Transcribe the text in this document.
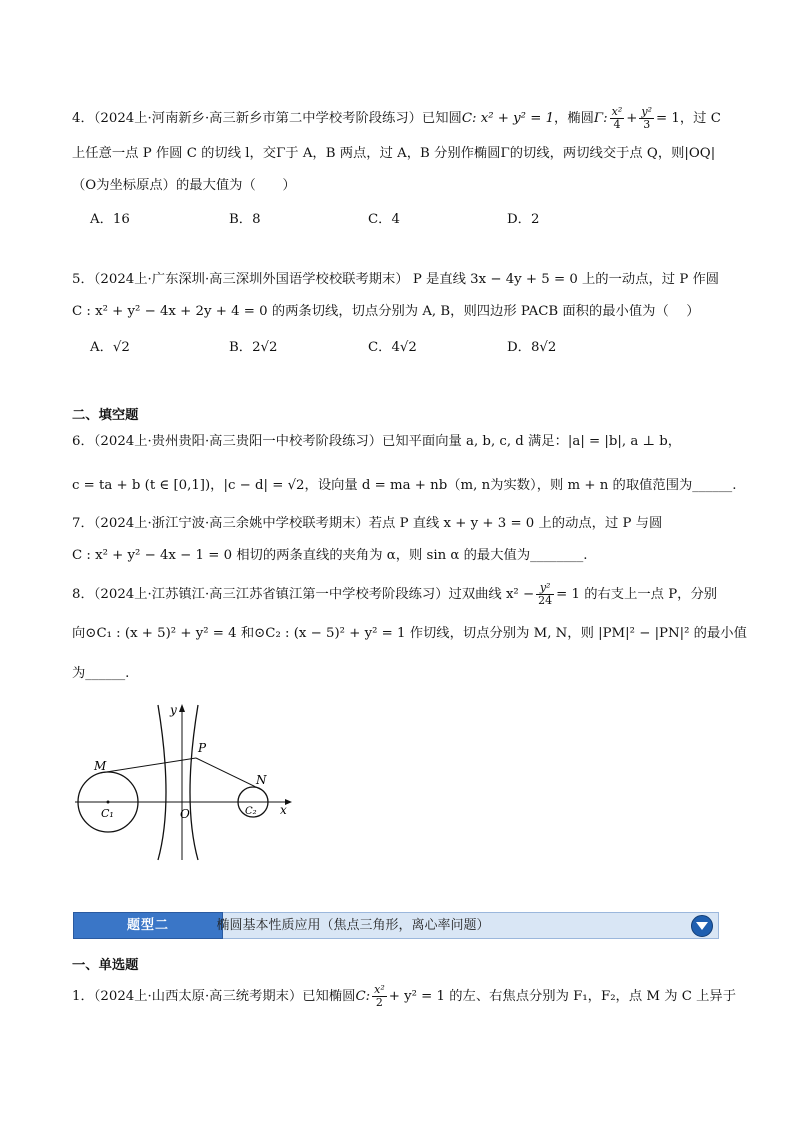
4．（2024上·河南新乡·高三新乡市第二中学校考阶段练习）已知圆C: x² + y² = 1，椭圆Γ: $\frac{\text{x²}}{4} + \frac{\text{y²}}{3} = 1$，过 C
上任意一点 P 作圆 C 的切线 l，交Γ于 A，B 两点，过 A，B 分别作椭圆Γ的切线，两切线交于点 Q，则|OQ|
（O为坐标原点）的最大值为（　　）
A．16	B．8	C．4	D．2
5．（2024上·广东深圳·高三深圳外国语学校校联考期末） P 是直线 3x − 4y + 5 = 0 上的一动点，过 P 作圆
C : x² + y² − 4x + 2y + 4 = 0 的两条切线，切点分别为 A, B，则四边形 PACB 面积的最小值为（　 ）
A．√2	B．2√2	C．4√2	D．8√2
二、填空题
6．（2024上·贵州贵阳·高三贵阳一中校考阶段练习）已知平面向量 a, b, c, d 满足：|a| = |b|, a ⊥ b，
c = ta + b (t ∈ [0,1])，|c − d| = √2，设向量 d = ma + nb（m, n为实数），则 m + n 的取值范围为______.
7．（2024上·浙江宁波·高三余姚中学校联考期末）若点 P 直线 x + y + 3 = 0 上的动点，过 P 与圆
C : x² + y² − 4x − 1 = 0 相切的两条直线的夹角为 α，则 sin α 的最大值为________.
8．（2024上·江苏镇江·高三江苏省镇江第一中学校考阶段练习）过双曲线 $x^2 - \frac{\text{y²}}{24} = 1$ 的右支上一点 P，分别
向⊙C₁ : (x + 5)² + y² = 4 和⊙C₂ : (x − 5)² + y² = 1 作切线，切点分别为 M, N，则 |PM|² − |PN|² 的最小值
为______.
y
x
P
M
N
O
C₁	C₂
题型二	椭圆基本性质应用（焦点三角形，离心率问题）
一、单选题
1．（2024上·山西太原·高三统考期末）已知椭圆C: $\frac{\text{x²}}{2} + y^2 = 1$ 的左、右焦点分别为 F₁，F₂，点 M 为 C 上异于
